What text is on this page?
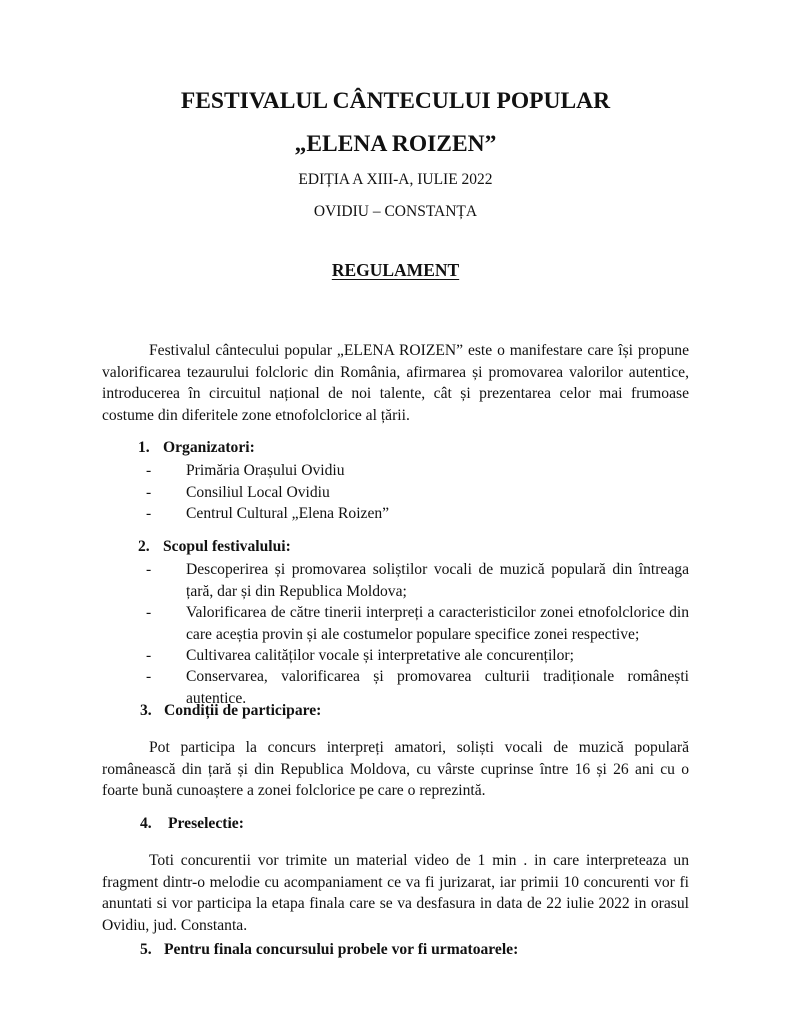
FESTIVALUL CÂNTECULUI POPULAR
„ELENA ROIZEN”
EDIȚIA A XIII-A, IULIE 2022
OVIDIU – CONSTANȚA
REGULAMENT
Festivalul cântecului popular „ELENA ROIZEN” este o manifestare care își propune valorificarea tezaurului folcloric din România, afirmarea și promovarea valorilor autentice, introducerea în circuitul național de noi talente, cât și prezentarea celor mai frumoase costume din diferitele zone etnofolclorice al țării.
1. Organizatori:
- Primăria Orașului Ovidiu
- Consiliul Local Ovidiu
- Centrul Cultural „Elena Roizen”
2. Scopul festivalului:
- Descoperirea și promovarea soliștilor vocali de muzică populară din întreaga țară, dar și din Republica Moldova;
- Valorificarea de către tinerii interpreți a caracteristicilor zonei etnofolclorice din care aceștia provin și ale costumelor populare specifice zonei respective;
- Cultivarea calităților vocale și interpretative ale concurenților;
- Conservarea, valorificarea și promovarea culturii tradiționale românești autentice.
3. Condiții de participare:
Pot participa la concurs interpreți amatori, soliști vocali de muzică populară românească din țară și din Republica Moldova, cu vârste cuprinse între 16 și 26 ani cu o foarte bună cunoaștere a zonei folclorice pe care o reprezintă.
4. Preselectie:
Toti concurentii vor trimite un material video de 1 min . in care interpreteaza un fragment dintr-o melodie cu acompaniament ce va fi jurizarat, iar primii 10 concurenti vor fi anuntati si vor participa la etapa finala care se va desfasura in data de 22 iulie 2022 in orasul Ovidiu, jud. Constanta.
5. Pentru finala concursului probele vor fi urmatoarele:
